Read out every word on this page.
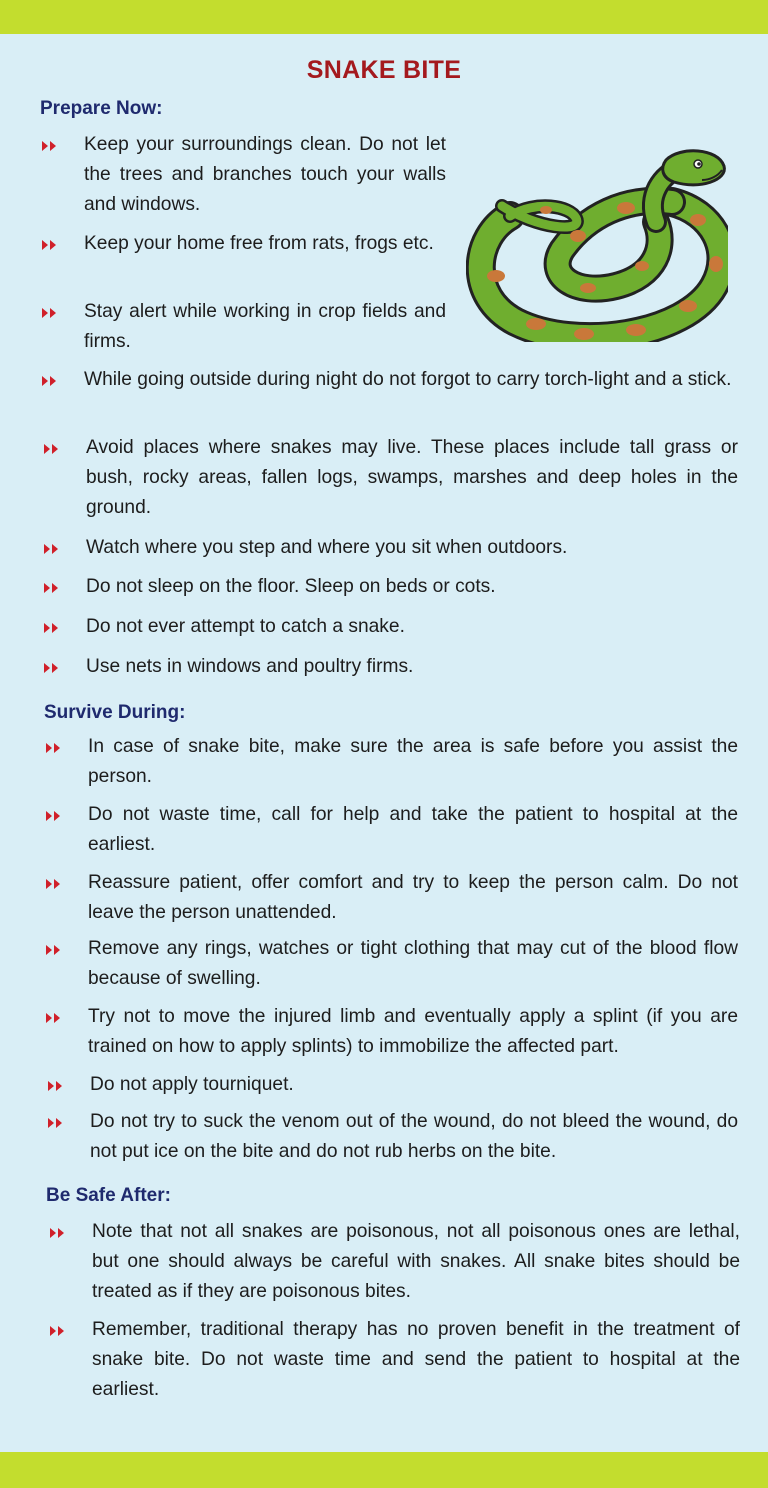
SNAKE BITE
Prepare Now:
Keep your surroundings clean. Do not let the trees and branches touch your walls and windows.
Keep your home free from rats, frogs etc.
Stay alert while working in crop fields and firms.
While going outside during night do not forgot to carry torch-light and a stick.
Avoid places where snakes may live. These places include tall grass or bush, rocky areas, fallen logs, swamps, marshes and deep holes in the ground.
Watch where you step and where you sit when outdoors.
Do not sleep on the floor. Sleep on beds or cots.
Do not ever attempt to catch a snake.
Use nets in windows and poultry firms.
Survive During:
In case of snake bite, make sure the area is safe before you assist the person.
Do not waste time, call for help and take the patient to hospital at the earliest.
Reassure patient, offer comfort and try to keep the person calm. Do not leave the person unattended.
Remove any rings, watches or tight clothing that may cut of the blood flow because of swelling.
Try not to move the injured limb and eventually apply a splint (if you are trained on how to apply splints) to immobilize the affected part.
Do not apply tourniquet.
Do not try to suck the venom out of the wound, do not bleed the wound, do not put ice on the bite and do not rub herbs on the bite.
Be Safe After:
Note that not all snakes are poisonous, not all poisonous ones are lethal, but one should always be careful with snakes. All snake bites should be treated as if they are poisonous bites.
Remember, traditional therapy has no proven benefit in the treatment of snake bite. Do not waste time and send the patient to hospital at the earliest.
